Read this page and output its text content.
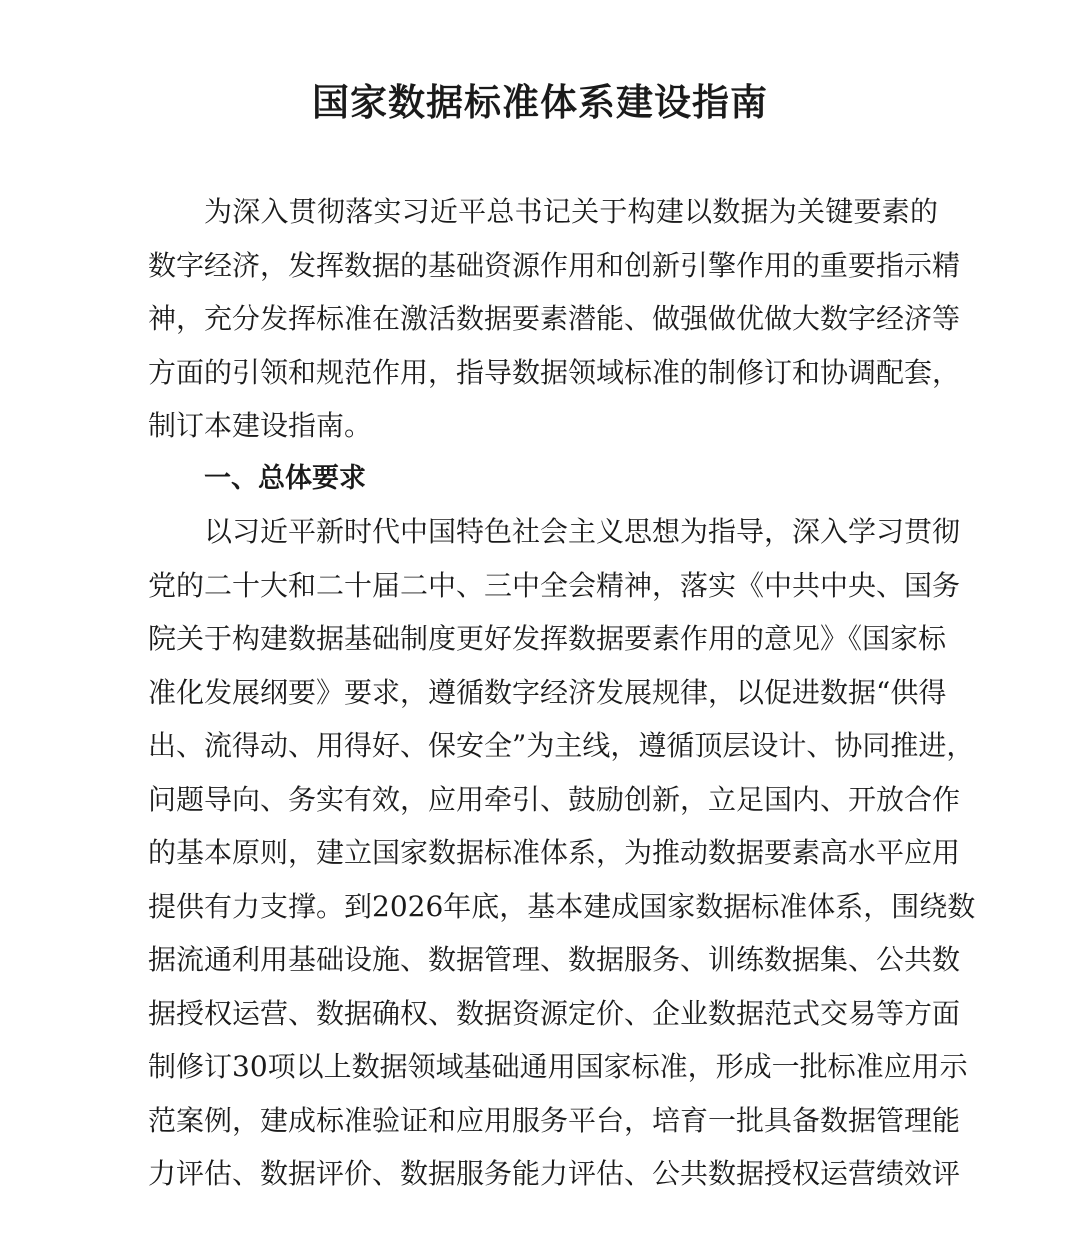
国家数据标准体系建设指南
为深入贯彻落实习近平总书记关于构建以数据为关键要素的
数字经济，发挥数据的基础资源作用和创新引擎作用的重要指示精
神，充分发挥标准在激活数据要素潜能、做强做优做大数字经济等
方面的引领和规范作用，指导数据领域标准的制修订和协调配套，
制订本建设指南。
一、总体要求
以习近平新时代中国特色社会主义思想为指导，深入学习贯彻
党的二十大和二十届二中、三中全会精神，落实《中共中央、国务
院关于构建数据基础制度更好发挥数据要素作用的意见》《国家标
准化发展纲要》要求，遵循数字经济发展规律，以促进数据“供得
出、流得动、用得好、保安全”为主线，遵循顶层设计、协同推进，
问题导向、务实有效，应用牵引、鼓励创新，立足国内、开放合作
的基本原则，建立国家数据标准体系，为推动数据要素高水平应用
提供有力支撑。到2026年底，基本建成国家数据标准体系，围绕数
据流通利用基础设施、数据管理、数据服务、训练数据集、公共数
据授权运营、数据确权、数据资源定价、企业数据范式交易等方面
制修订30项以上数据领域基础通用国家标准，形成一批标准应用示
范案例，建成标准验证和应用服务平台，培育一批具备数据管理能
力评估、数据评价、数据服务能力评估、公共数据授权运营绩效评
